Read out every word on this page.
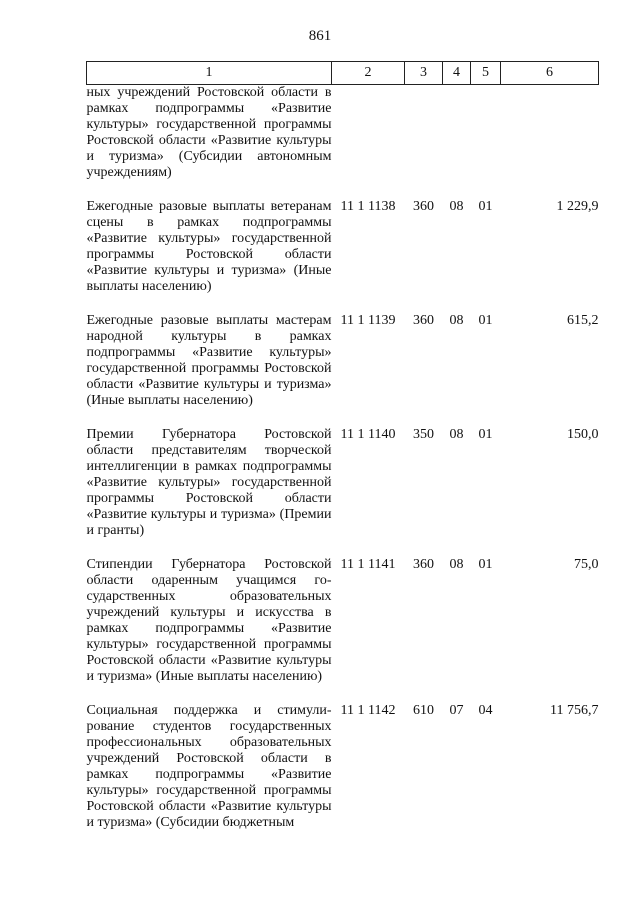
861
1	2	3	4	5	6
ных учреждений Ростовской области в рамках подпрограммы «Развитие культуры» государственной программы Ростовской области «Развитие культуры и туризма» (Субсидии автономным учреждениям)					

Ежегодные разовые выплаты ветеранам сцены в рамках подпрограммы «Развитие культуры» государственной программы Ростовской области «Развитие культуры и туризма» (Иные выплаты населению)	11 1 1138	360	08	01	1 229,9

Ежегодные разовые выплаты мастерам народной культуры в рамках подпрограммы «Развитие культуры» государственной программы Ростовской области «Развитие культуры и туризма» (Иные выплаты населению)	11 1 1139	360	08	01	615,2

Премии Губернатора Ростовской области представителям творческой интеллигенции в рамках подпрограммы «Развитие культуры» государственной программы Ростовской области «Развитие культуры и туризма» (Премии и гранты)	11 1 1140	350	08	01	150,0

Стипендии Губернатора Ростовской области одаренным учащимся государственных образовательных учреждений культуры и искусства в рамках подпрограммы «Развитие культуры» государственной программы Ростовской области «Развитие культуры и туризма» (Иные выплаты населению)	11 1 1141	360	08	01	75,0

Социальная поддержка и стимулирование студентов государственных профессиональных образовательных учреждений Ростовской области в рамках подпрограммы «Развитие культуры» государственной программы Ростовской области «Развитие культуры и туризма» (Субсидии бюджетным	11 1 1142	610	07	04	11 756,7
